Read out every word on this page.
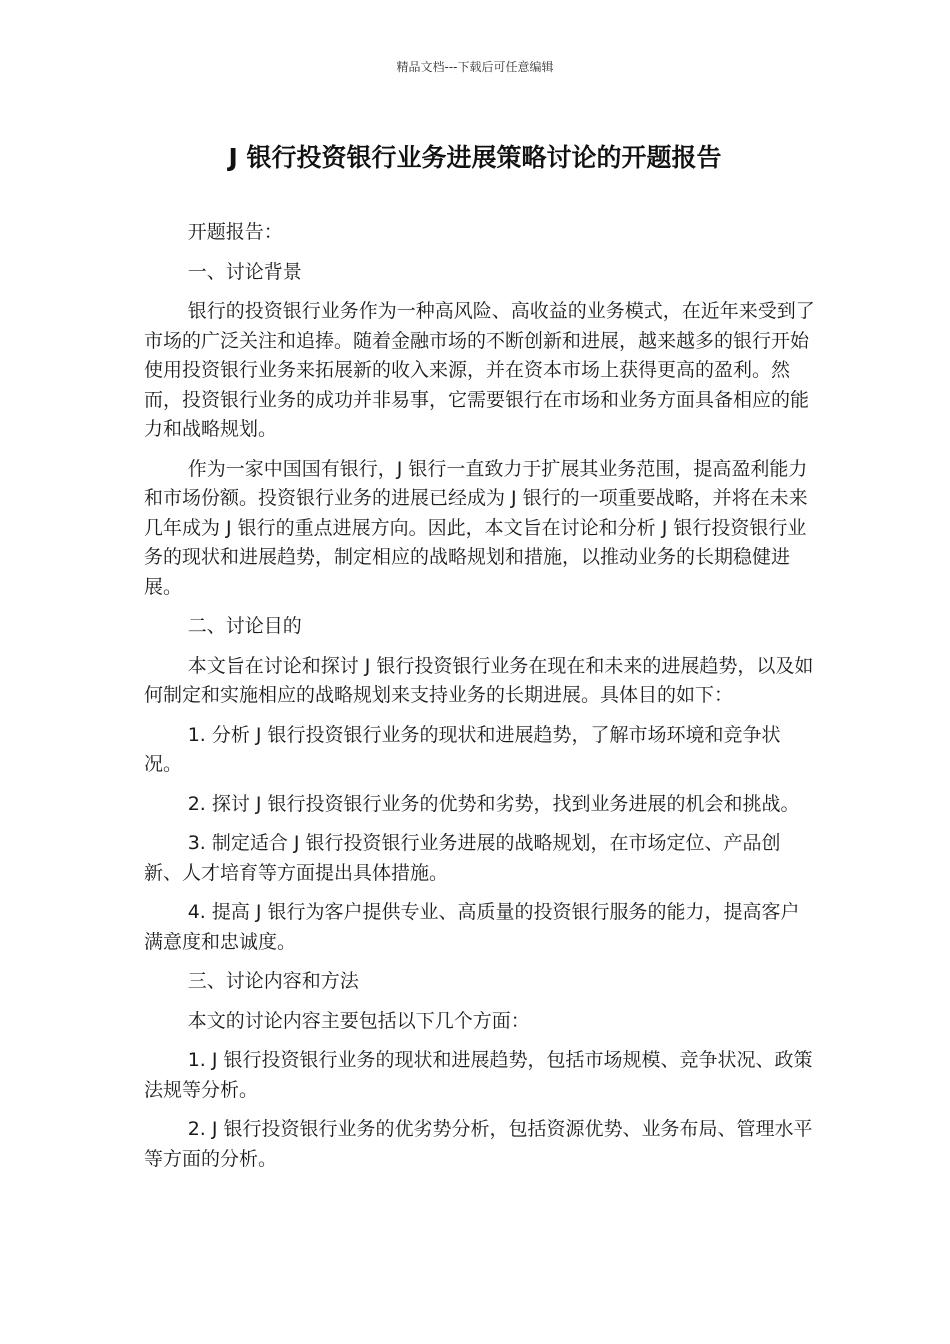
精品文档---下载后可任意编辑
J 银行投资银行业务进展策略讨论的开题报告

开题报告：

一、讨论背景

银行的投资银行业务作为一种高风险、高收益的业务模式，在近年来受到了市场的广泛关注和追捧。随着金融市场的不断创新和进展，越来越多的银行开始使用投资银行业务来拓展新的收入来源，并在资本市场上获得更高的盈利。然而，投资银行业务的成功并非易事，它需要银行在市场和业务方面具备相应的能力和战略规划。

作为一家中国国有银行，J 银行一直致力于扩展其业务范围，提高盈利能力和市场份额。投资银行业务的进展已经成为 J 银行的一项重要战略，并将在未来几年成为 J 银行的重点进展方向。因此，本文旨在讨论和分析 J 银行投资银行业务的现状和进展趋势，制定相应的战略规划和措施，以推动业务的长期稳健进展。

二、讨论目的

本文旨在讨论和探讨 J 银行投资银行业务在现在和未来的进展趋势，以及如何制定和实施相应的战略规划来支持业务的长期进展。具体目的如下：

1. 分析 J 银行投资银行业务的现状和进展趋势，了解市场环境和竞争状况。

2. 探讨 J 银行投资银行业务的优势和劣势，找到业务进展的机会和挑战。

3. 制定适合 J 银行投资银行业务进展的战略规划，在市场定位、产品创新、人才培育等方面提出具体措施。

4. 提高 J 银行为客户提供专业、高质量的投资银行服务的能力，提高客户满意度和忠诚度。

三、讨论内容和方法

本文的讨论内容主要包括以下几个方面：

1. J 银行投资银行业务的现状和进展趋势，包括市场规模、竞争状况、政策法规等分析。

2. J 银行投资银行业务的优劣势分析，包括资源优势、业务布局、管理水平等方面的分析。
